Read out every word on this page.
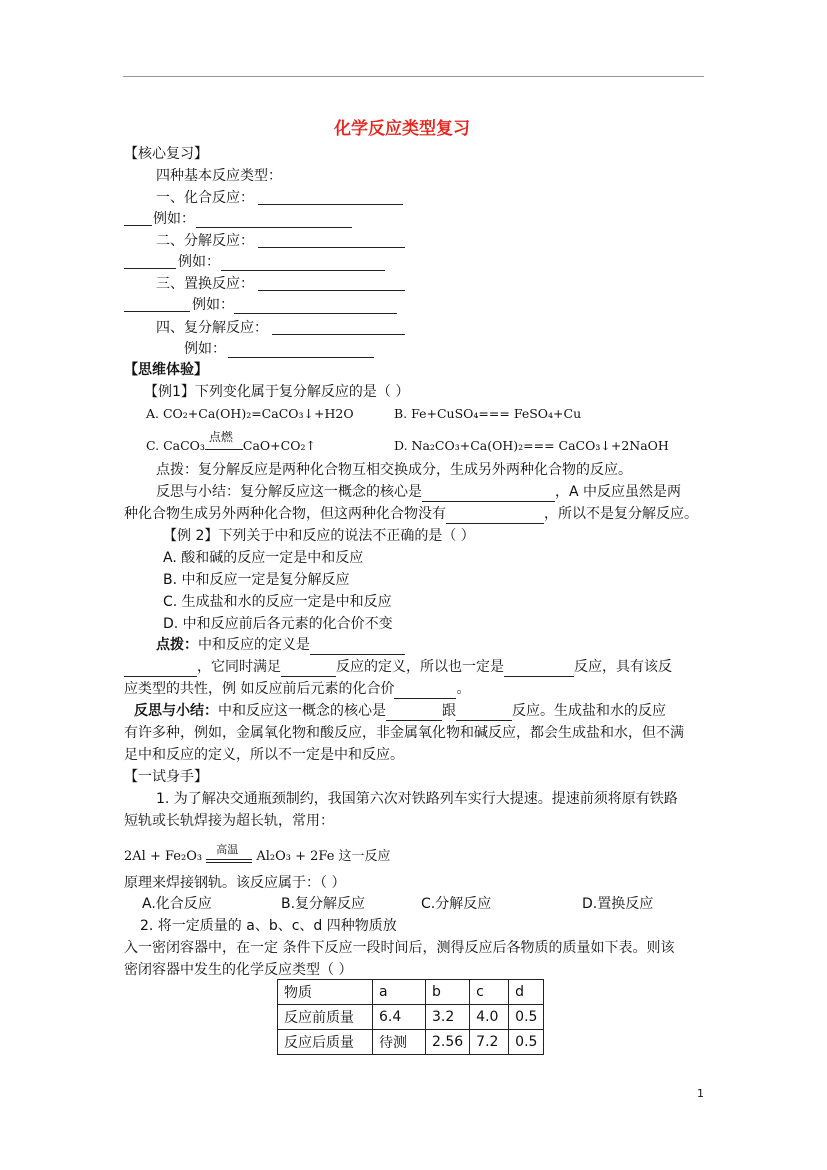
化学反应类型复习
【核心复习】
四种基本反应类型：
一、化合反应：
例如：
二、分解反应：
例如：
三、置换反应：
例如：
四、复分解反应：
例如：
【思维体验】
【例1】下列变化属于复分解反应的是（ ）
A. CO₂+Ca(OH)₂=CaCO₃↓+H2O	B. Fe+CuSO₄=== FeSO₄+Cu
C. CaCO₃
点燃
CaO+CO₂↑	D. Na₂CO₃+Ca(OH)₂=== CaCO₃↓+2NaOH
点拨：复分解反应是两种化合物互相交换成分，生成另外两种化合物的反应。
反思与小结：复分解反应这一概念的核心是	，A 中反应虽然是两
种化合物生成另外两种化合物，但这两种化合物没有	，所以不是复分解反应。
【例 2】下列关于中和反应的说法不正确的是（ ）
A. 酸和碱的反应一定是中和反应
B. 中和反应一定是复分解反应
C. 生成盐和水的反应一定是中和反应
D. 中和反应前后各元素的化合价不变
点拨：中和反应的定义是
，它同时满足	反应的定义，所以也一定是	反应，具有该反
应类型的共性，例 如反应前后元素的化合价	。
反思与小结：中和反应这一概念的核心是	跟	反应。生成盐和水的反应
有许多种，例如，金属氧化物和酸反应，非金属氧化物和碱反应，都会生成盐和水，但不满
足中和反应的定义，所以不一定是中和反应。
【一试身手】
1. 为了解决交通瓶颈制约，我国第六次对铁路列车实行大提速。提速前须将原有铁路
短轨或长轨焊接为超长轨，常用：
2Al + Fe₂O₃ 高温 Al₂O₃ + 2Fe 这一反应
原理来焊接钢轨。该反应属于：（ ）
A.化合反应	B.复分解反应	C.分解反应	D.置换反应
2. 将一定质量的 a、b、c、d 四种物质放
入一密闭容器中，在一定 条件下反应一段时间后，测得反应后各物质的质量如下表。则该
密闭容器中发生的化学反应类型（ ）
物质	a	b	c	d
反应前质量	6.4	3.2	4.0	0.5
反应后质量	待测	2.56	7.2	0.5
1
